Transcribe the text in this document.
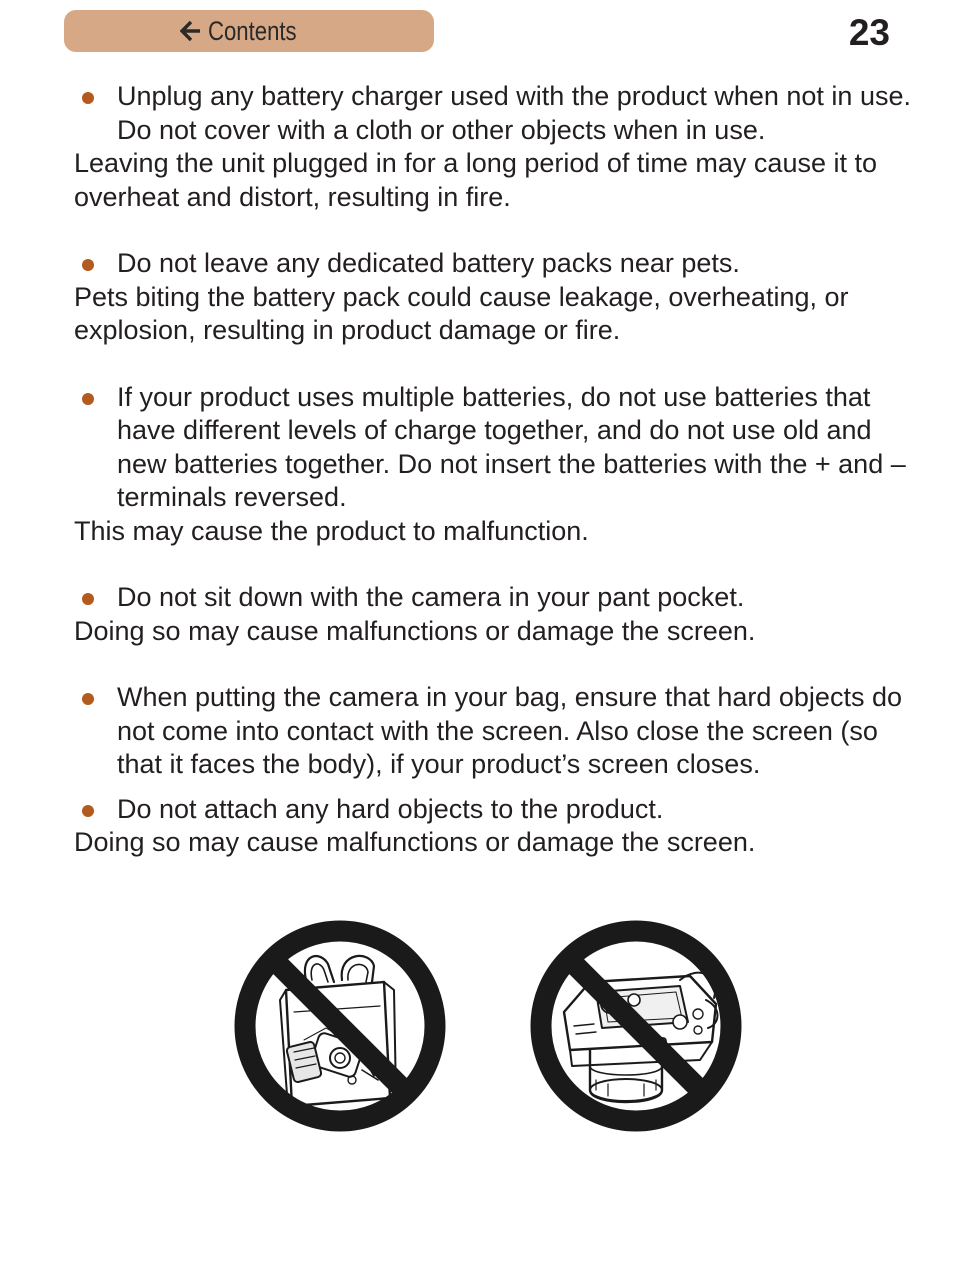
Contents	23
Unplug any battery charger used with the product when not in use. Do not cover with a cloth or other objects when in use.

Leaving the unit plugged in for a long period of time may cause it to overheat and distort, resulting in fire.

Do not leave any dedicated battery packs near pets.

Pets biting the battery pack could cause leakage, overheating, or explosion, resulting in product damage or fire.

If your product uses multiple batteries, do not use batteries that have different levels of charge together, and do not use old and new batteries together. Do not insert the batteries with the + and – terminals reversed.

This may cause the product to malfunction.

Do not sit down with the camera in your pant pocket.

Doing so may cause malfunctions or damage the screen.

When putting the camera in your bag, ensure that hard objects do not come into contact with the screen. Also close the screen (so that it faces the body), if your product’s screen closes.
Do not attach any hard objects to the product.

Doing so may cause malfunctions or damage the screen.
